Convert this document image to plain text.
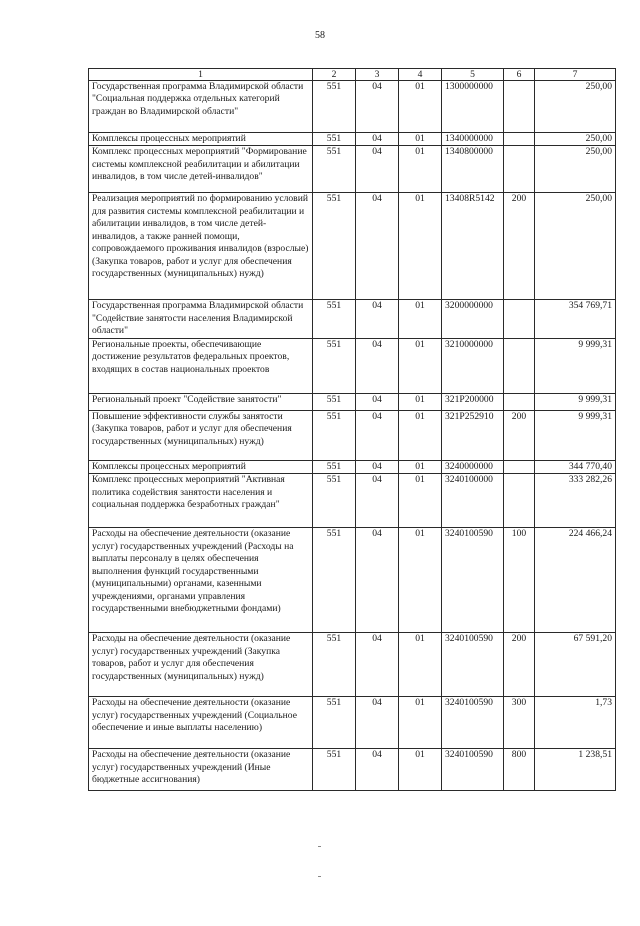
58
1	2	3	4	5	6	7
Государственная программа Владимирской области "Социальная поддержка отдельных категорий граждан во Владимирской области"	551	04	01	1300000000		250,00
Комплексы процессных мероприятий	551	04	01	1340000000		250,00
Комплекс процессных мероприятий "Формирование системы комплексной реабилитации и абилитации инвалидов, в том числе детей-инвалидов"	551	04	01	1340800000		250,00
Реализация мероприятий по формированию условий для развития системы комплексной реабилитации и абилитации инвалидов, в том числе детей-инвалидов, а также ранней помощи, сопровождаемого проживания инвалидов (взрослые) (Закупка товаров, работ и услуг для обеспечения государственных (муниципальных) нужд)	551	04	01	13408R5142	200	250,00
Государственная программа Владимирской области "Содействие занятости населения Владимирской области"	551	04	01	3200000000		354 769,71
Региональные проекты, обеспечивающие достижение результатов федеральных проектов, входящих в состав национальных проектов	551	04	01	3210000000		9 999,31
Региональный проект "Содействие занятости"	551	04	01	321P200000		9 999,31
Повышение эффективности службы занятости (Закупка товаров, работ и услуг для обеспечения государственных (муниципальных) нужд)	551	04	01	321P252910	200	9 999,31
Комплексы процессных мероприятий	551	04	01	3240000000		344 770,40
Комплекс процессных мероприятий "Активная политика содействия занятости населения и социальная поддержка безработных граждан"	551	04	01	3240100000		333 282,26
Расходы на обеспечение деятельности (оказание услуг) государственных учреждений (Расходы на выплаты персоналу в целях обеспечения выполнения функций государственными (муниципальными) органами, казенными учреждениями, органами управления государственными внебюджетными фондами)	551	04	01	3240100590	100	224 466,24
Расходы на обеспечение деятельности (оказание услуг) государственных учреждений (Закупка товаров, работ и услуг для обеспечения государственных (муниципальных) нужд)	551	04	01	3240100590	200	67 591,20
Расходы на обеспечение деятельности (оказание услуг) государственных учреждений (Социальное обеспечение и иные выплаты населению)	551	04	01	3240100590	300	1,73
Расходы на обеспечение деятельности (оказание услуг) государственных учреждений (Иные бюджетные ассигнования)	551	04	01	3240100590	800	1 238,51
